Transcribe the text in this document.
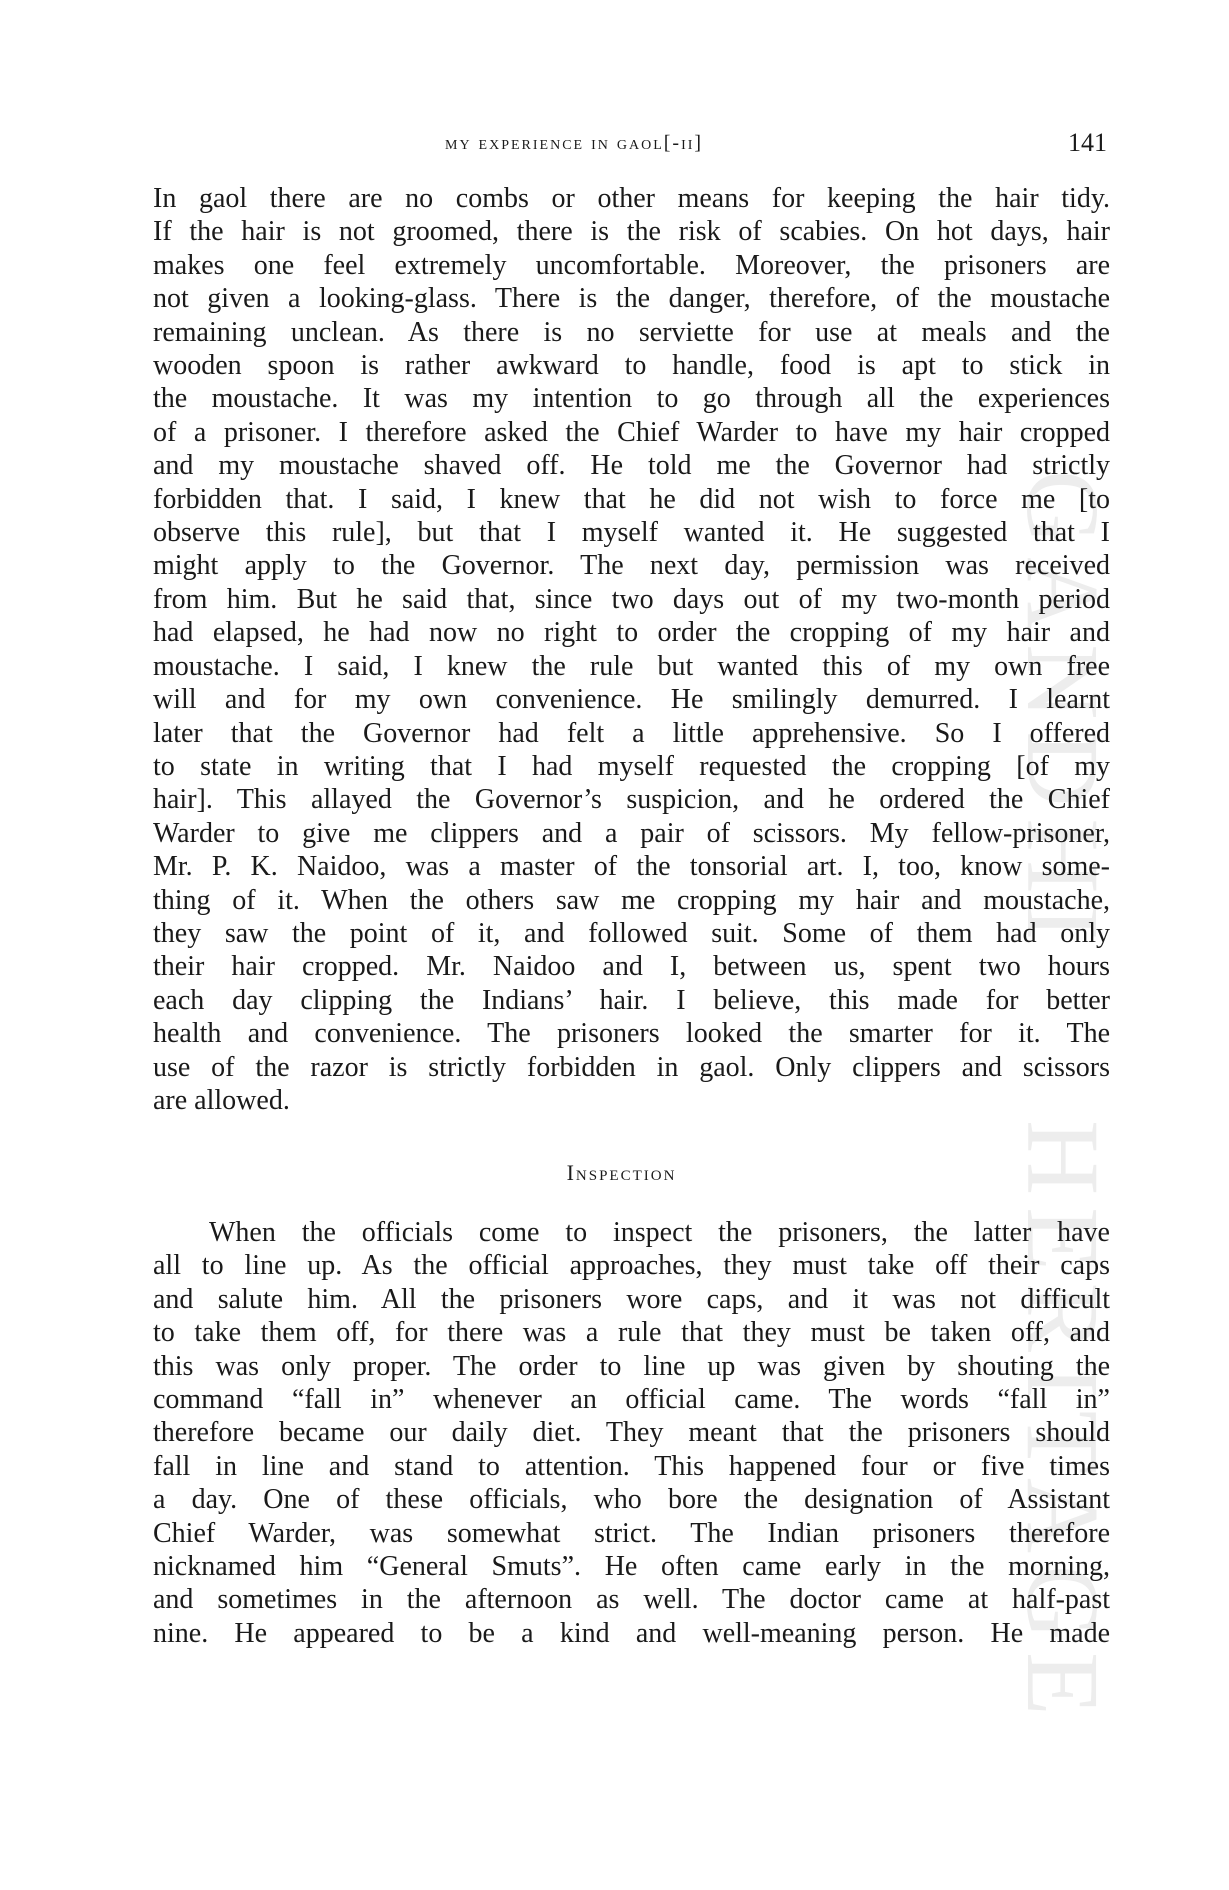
GANDHI
HERITAGE
my experience in gaol[-ii]	141
In gaol there are no combs or other means for keeping the hair tidy.
If the hair is not groomed, there is the risk of scabies. On hot days, hair
makes one feel extremely uncomfortable. Moreover, the prisoners are
not given a looking-glass. There is the danger, therefore, of the moustache
remaining unclean. As there is no serviette for use at meals and the
wooden spoon is rather awkward to handle, food is apt to stick in
the moustache. It was my intention to go through all the experiences
of a prisoner. I therefore asked the Chief Warder to have my hair cropped
and my moustache shaved off. He told me the Governor had strictly
forbidden that. I said, I knew that he did not wish to force me [to
observe this rule], but that I myself wanted it. He suggested that I
might apply to the Governor. The next day, permission was received
from him. But he said that, since two days out of my two-month period
had elapsed, he had now no right to order the cropping of my hair and
moustache. I said, I knew the rule but wanted this of my own free
will and for my own convenience. He smilingly demurred. I learnt
later that the Governor had felt a little apprehensive. So I offered
to state in writing that I had myself requested the cropping [of my
hair]. This allayed the Governor’s suspicion, and he ordered the Chief
Warder to give me clippers and a pair of scissors. My fellow-prisoner,
Mr. P. K. Naidoo, was a master of the tonsorial art. I, too, know some-
thing of it. When the others saw me cropping my hair and moustache,
they saw the point of it, and followed suit. Some of them had only
their hair cropped. Mr. Naidoo and I, between us, spent two hours
each day clipping the Indians’ hair. I believe, this made for better
health and convenience. The prisoners looked the smarter for it. The
use of the razor is strictly forbidden in gaol. Only clippers and scissors
are allowed.
Inspection
When the officials come to inspect the prisoners, the latter have
all to line up. As the official approaches, they must take off their caps
and salute him. All the prisoners wore caps, and it was not difficult
to take them off, for there was a rule that they must be taken off, and
this was only proper. The order to line up was given by shouting the
command “fall in” whenever an official came. The words “fall in”
therefore became our daily diet. They meant that the prisoners should
fall in line and stand to attention. This happened four or five times
a day. One of these officials, who bore the designation of Assistant
Chief Warder, was somewhat strict. The Indian prisoners therefore
nicknamed him “General Smuts”. He often came early in the morning,
and sometimes in the afternoon as well. The doctor came at half-past
nine. He appeared to be a kind and well-meaning person. He made
